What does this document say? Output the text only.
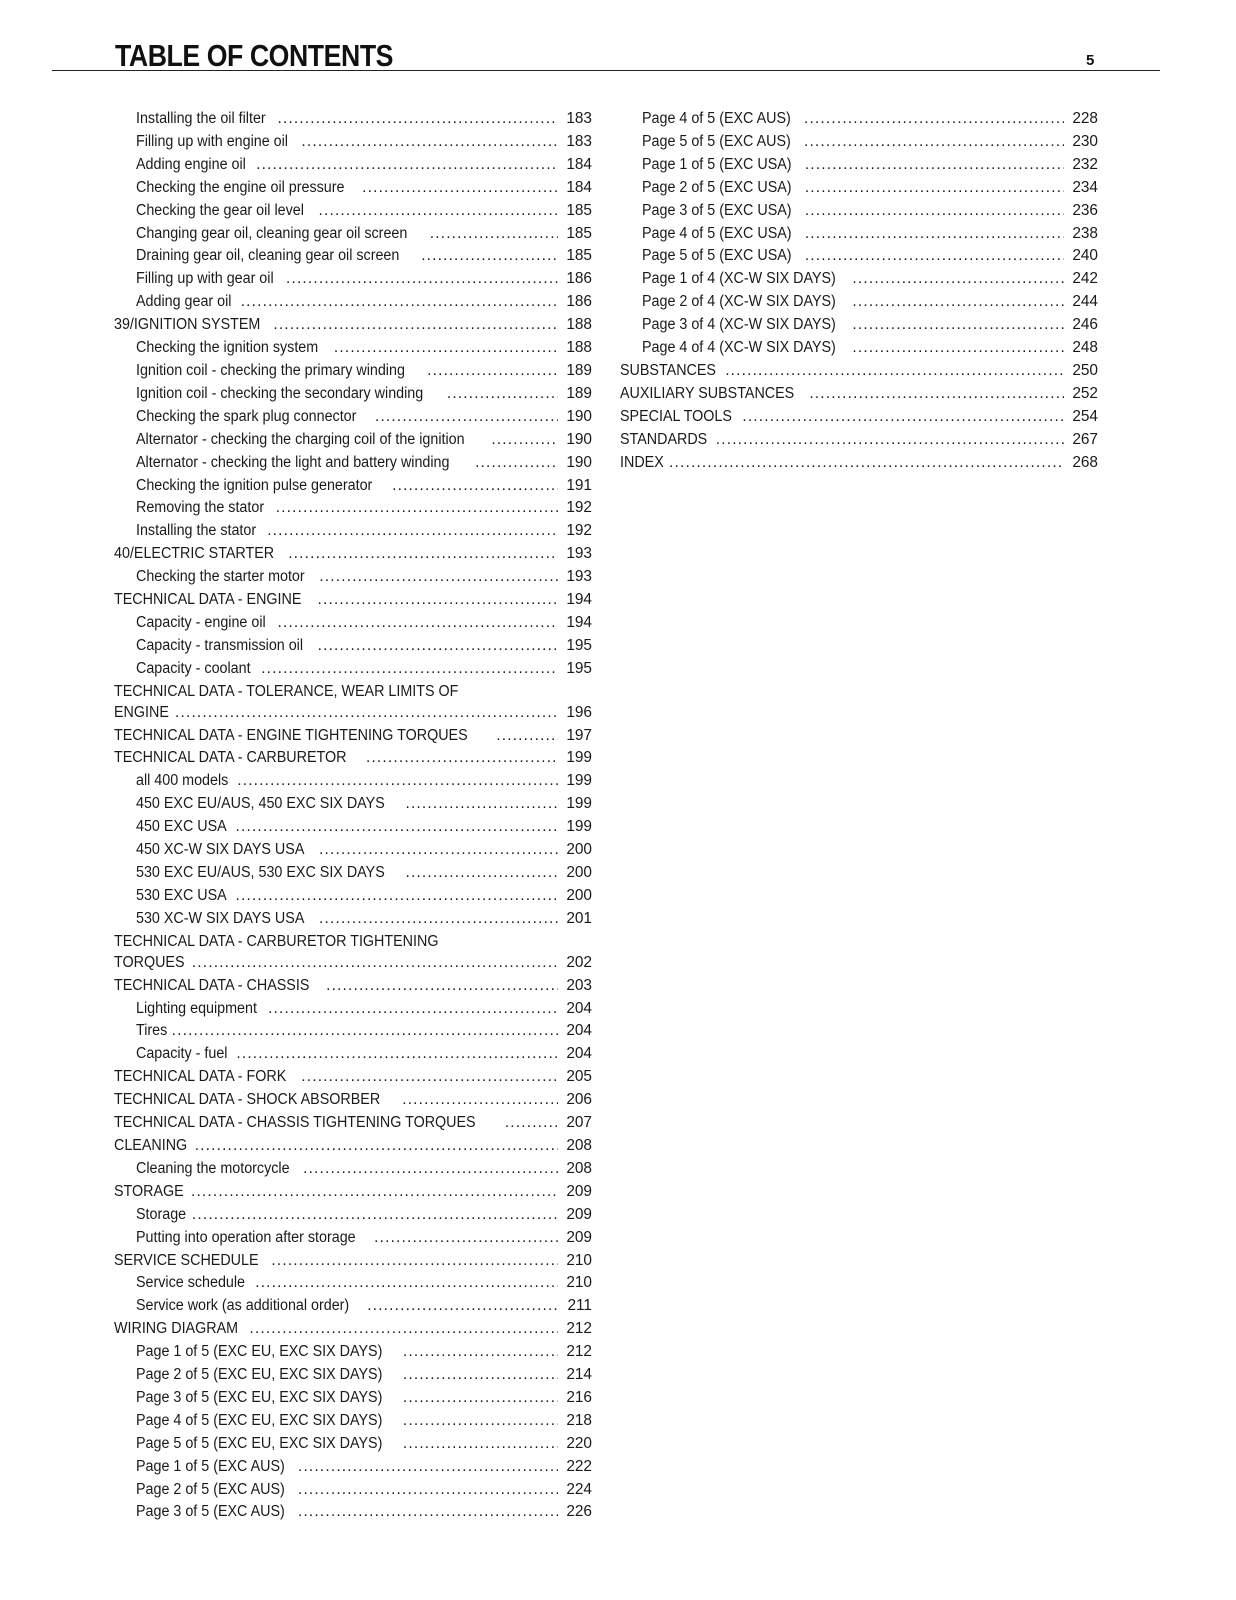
TABLE OF CONTENTS	5
Installing the oil filter .....	183
Filling up with engine oil .....	183
Adding engine oil .....	184
Checking the engine oil pressure .....	184
Checking the gear oil level .....	185
Changing gear oil, cleaning gear oil screen .....	185
Draining gear oil, cleaning gear oil screen .....	185
Filling up with gear oil .....	186
Adding gear oil .....	186
39/IGNITION SYSTEM .....	188
Checking the ignition system .....	188
Ignition coil - checking the primary winding .....	189
Ignition coil - checking the secondary winding .....	189
Checking the spark plug connector .....	190
Alternator - checking the charging coil of the ignition .....	190
Alternator - checking the light and battery winding .....	190
Checking the ignition pulse generator .....	191
Removing the stator .....	192
Installing the stator .....	192
40/ELECTRIC STARTER .....	193
Checking the starter motor .....	193
TECHNICAL DATA - ENGINE .....	194
Capacity - engine oil .....	194
Capacity - transmission oil .....	195
Capacity - coolant .....	195
TECHNICAL DATA - TOLERANCE, WEAR LIMITS OF
ENGINE .....	196
TECHNICAL DATA - ENGINE TIGHTENING TORQUES .....	197
TECHNICAL DATA - CARBURETOR .....	199
all 400 models .....	199
450 EXC EU/AUS, 450 EXC SIX DAYS .....	199
450 EXC USA .....	199
450 XC-W SIX DAYS USA .....	200
530 EXC EU/AUS, 530 EXC SIX DAYS .....	200
530 EXC USA .....	200
530 XC-W SIX DAYS USA .....	201
TECHNICAL DATA - CARBURETOR TIGHTENING
TORQUES .....	202
TECHNICAL DATA - CHASSIS .....	203
Lighting equipment .....	204
Tires .....	204
Capacity - fuel .....	204
TECHNICAL DATA - FORK .....	205
TECHNICAL DATA - SHOCK ABSORBER .....	206
TECHNICAL DATA - CHASSIS TIGHTENING TORQUES .....	207
CLEANING .....	208
Cleaning the motorcycle .....	208
STORAGE .....	209
Storage .....	209
Putting into operation after storage .....	209
SERVICE SCHEDULE .....	210
Service schedule .....	210
Service work (as additional order) .....	211
WIRING DIAGRAM .....	212
Page 1 of 5 (EXC EU, EXC SIX DAYS) .....	212
Page 2 of 5 (EXC EU, EXC SIX DAYS) .....	214
Page 3 of 5 (EXC EU, EXC SIX DAYS) .....	216
Page 4 of 5 (EXC EU, EXC SIX DAYS) .....	218
Page 5 of 5 (EXC EU, EXC SIX DAYS) .....	220
Page 1 of 5 (EXC AUS) .....	222
Page 2 of 5 (EXC AUS) .....	224
Page 3 of 5 (EXC AUS) .....	226
Page 4 of 5 (EXC AUS) .....	228
Page 5 of 5 (EXC AUS) .....	230
Page 1 of 5 (EXC USA) .....	232
Page 2 of 5 (EXC USA) .....	234
Page 3 of 5 (EXC USA) .....	236
Page 4 of 5 (EXC USA) .....	238
Page 5 of 5 (EXC USA) .....	240
Page 1 of 4 (XC-W SIX DAYS) .....	242
Page 2 of 4 (XC-W SIX DAYS) .....	244
Page 3 of 4 (XC-W SIX DAYS) .....	246
Page 4 of 4 (XC-W SIX DAYS) .....	248
SUBSTANCES .....	250
AUXILIARY SUBSTANCES .....	252
SPECIAL TOOLS .....	254
STANDARDS .....	267
INDEX .....	268
